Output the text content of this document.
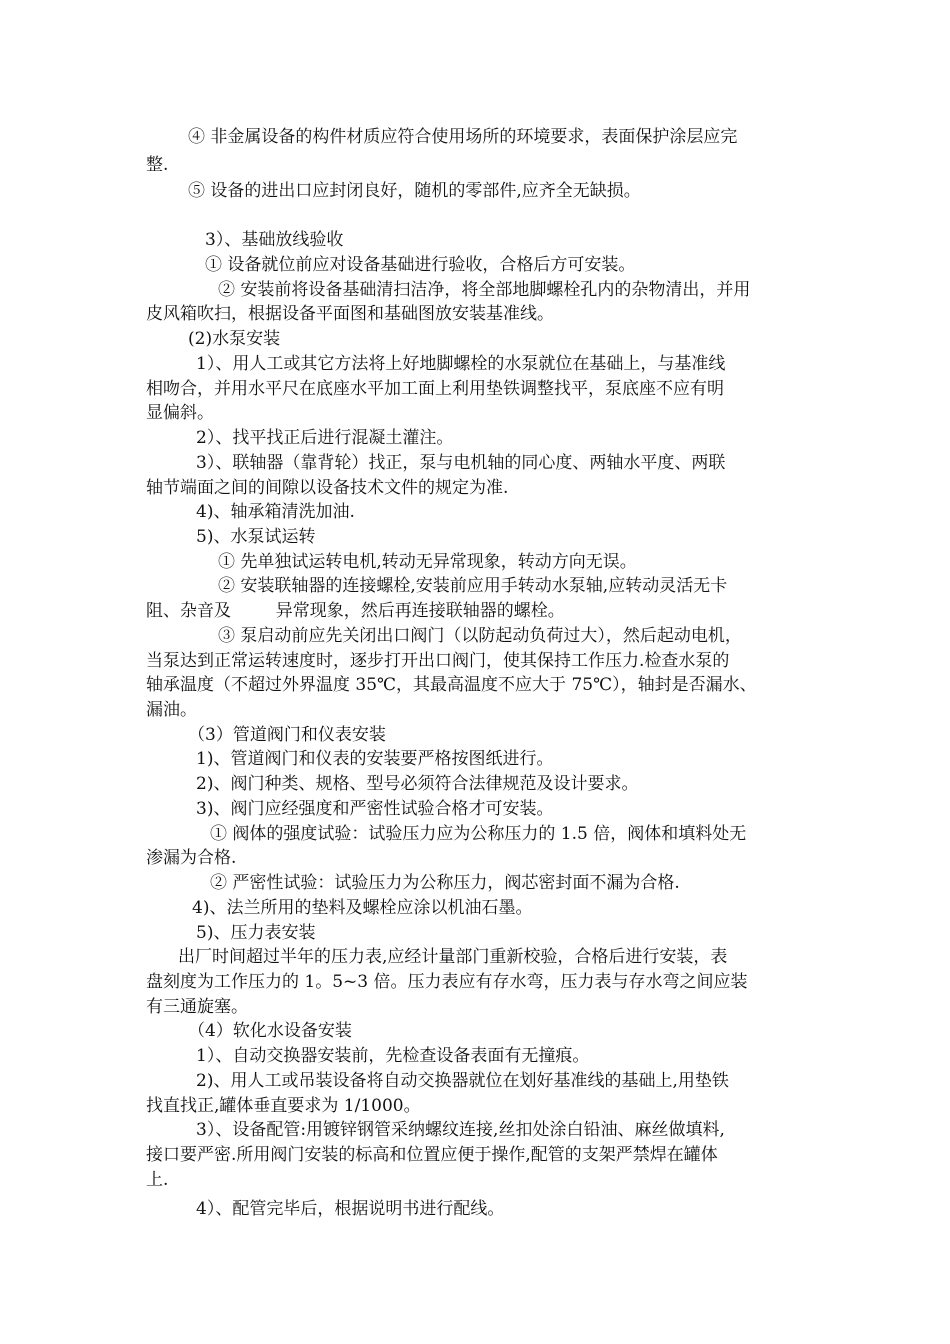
④ 非金属设备的构件材质应符合使用场所的环境要求，表面保护涂层应完
整.
⑤ 设备的进出口应封闭良好，随机的零部件,应齐全无缺损。
3）、基础放线验收
① 设备就位前应对设备基础进行验收，合格后方可安装。
② 安装前将设备基础清扫洁净，将全部地脚螺栓孔内的杂物清出，并用
皮风箱吹扫，根据设备平面图和基础图放安装基准线。
(2)水泵安装
1）、用人工或其它方法将上好地脚螺栓的水泵就位在基础上，与基准线
相吻合，并用水平尺在底座水平加工面上利用垫铁调整找平，泵底座不应有明
显偏斜。
2）、找平找正后进行混凝土灌注。
3）、联轴器（靠背轮）找正，泵与电机轴的同心度、两轴水平度、两联
轴节端面之间的间隙以设备技术文件的规定为准.
4)、轴承箱清洗加油.
5)、水泵试运转
① 先单独试运转电机,转动无异常现象，转动方向无误。
② 安装联轴器的连接螺栓,安装前应用手转动水泵轴,应转动灵活无卡
阻、杂音及 　　 异常现象，然后再连接联轴器的螺栓。
③ 泵启动前应先关闭出口阀门（以防起动负荷过大），然后起动电机，
当泵达到正常运转速度时，逐步打开出口阀门，使其保持工作压力.检查水泵的
轴承温度（不超过外界温度 35℃，其最高温度不应大于 75℃），轴封是否漏水、
漏油。
（3）管道阀门和仪表安装
1)、管道阀门和仪表的安装要严格按图纸进行。
2)、阀门种类、规格、型号必须符合法律规范及设计要求。
3)、阀门应经强度和严密性试验合格才可安装。
① 阀体的强度试验：试验压力应为公称压力的 1.5 倍，阀体和填料处无
渗漏为合格.
② 严密性试验：试验压力为公称压力，阀芯密封面不漏为合格.
4)、法兰所用的垫料及螺栓应涂以机油石墨。
5)、压力表安装
出厂时间超过半年的压力表,应经计量部门重新校验，合格后进行安装，表
盘刻度为工作压力的 1。5~3 倍。压力表应有存水弯，压力表与存水弯之间应装
有三通旋塞。
（4）软化水设备安装
1）、自动交换器安装前，先检查设备表面有无撞痕。
2)、用人工或吊装设备将自动交换器就位在划好基准线的基础上,用垫铁
找直找正,罐体垂直要求为 1/1000。
3）、设备配管:用镀锌钢管采纳螺纹连接,丝扣处涂白铅油、麻丝做填料,
接口要严密.所用阀门安装的标高和位置应便于操作,配管的支架严禁焊在罐体
上.
4）、配管完毕后，根据说明书进行配线。
